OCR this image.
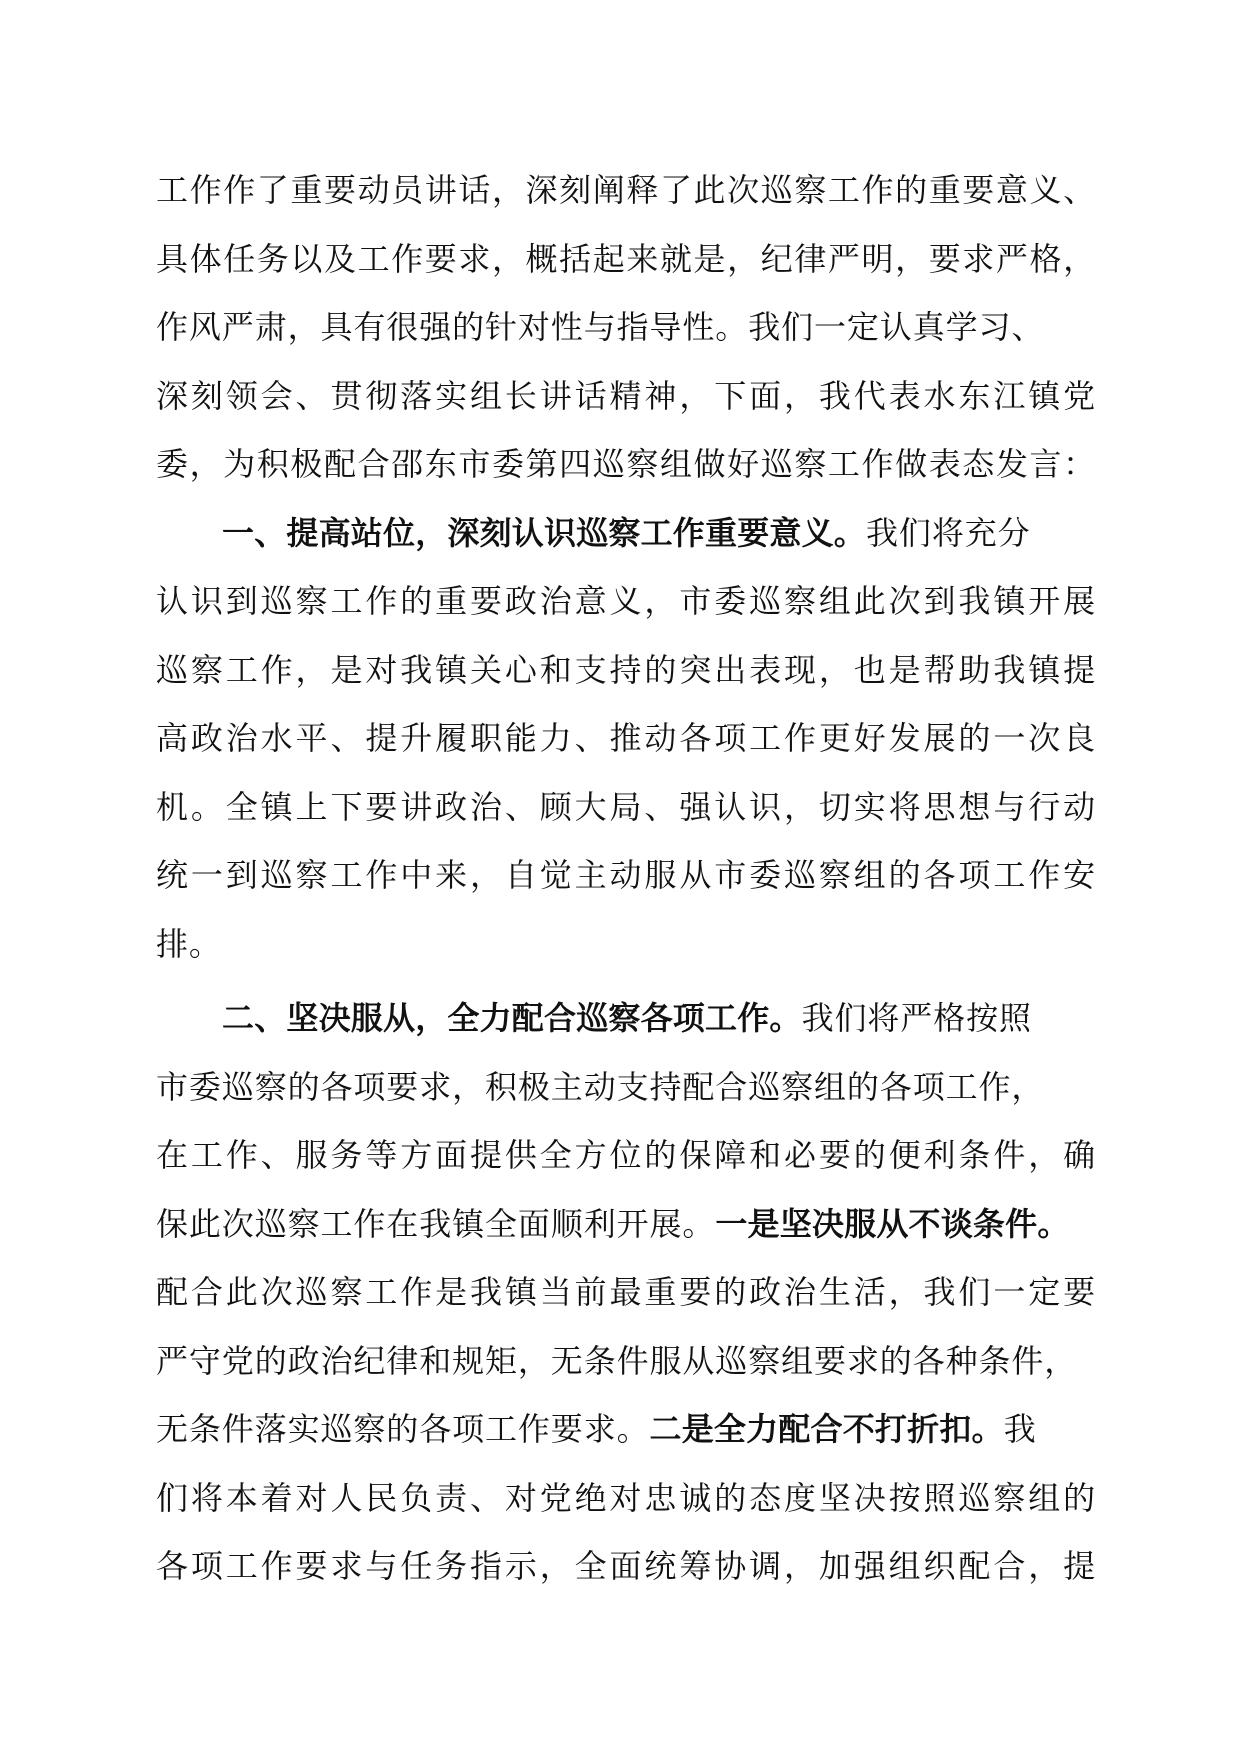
工作作了重要动员讲话，深刻阐释了此次巡察工作的重要意义、
具体任务以及工作要求，概括起来就是，纪律严明，要求严格，
作风严肃，具有很强的针对性与指导性。我们一定认真学习、
深刻领会、贯彻落实组长讲话精神，下面，我代表水东江镇党
委，为积极配合邵东市委第四巡察组做好巡察工作做表态发言：
一、提高站位，深刻认识巡察工作重要意义。我们将充分
认识到巡察工作的重要政治意义，市委巡察组此次到我镇开展
巡察工作，是对我镇关心和支持的突出表现，也是帮助我镇提
高政治水平、提升履职能力、推动各项工作更好发展的一次良
机。全镇上下要讲政治、顾大局、强认识，切实将思想与行动
统一到巡察工作中来，自觉主动服从市委巡察组的各项工作安
排。
二、坚决服从，全力配合巡察各项工作。我们将严格按照
市委巡察的各项要求，积极主动支持配合巡察组的各项工作，
在工作、服务等方面提供全方位的保障和必要的便利条件，确
保此次巡察工作在我镇全面顺利开展。一是坚决服从不谈条件。
配合此次巡察工作是我镇当前最重要的政治生活，我们一定要
严守党的政治纪律和规矩，无条件服从巡察组要求的各种条件，
无条件落实巡察的各项工作要求。二是全力配合不打折扣。我
们将本着对人民负责、对党绝对忠诚的态度坚决按照巡察组的
各项工作要求与任务指示，全面统筹协调，加强组织配合，提
